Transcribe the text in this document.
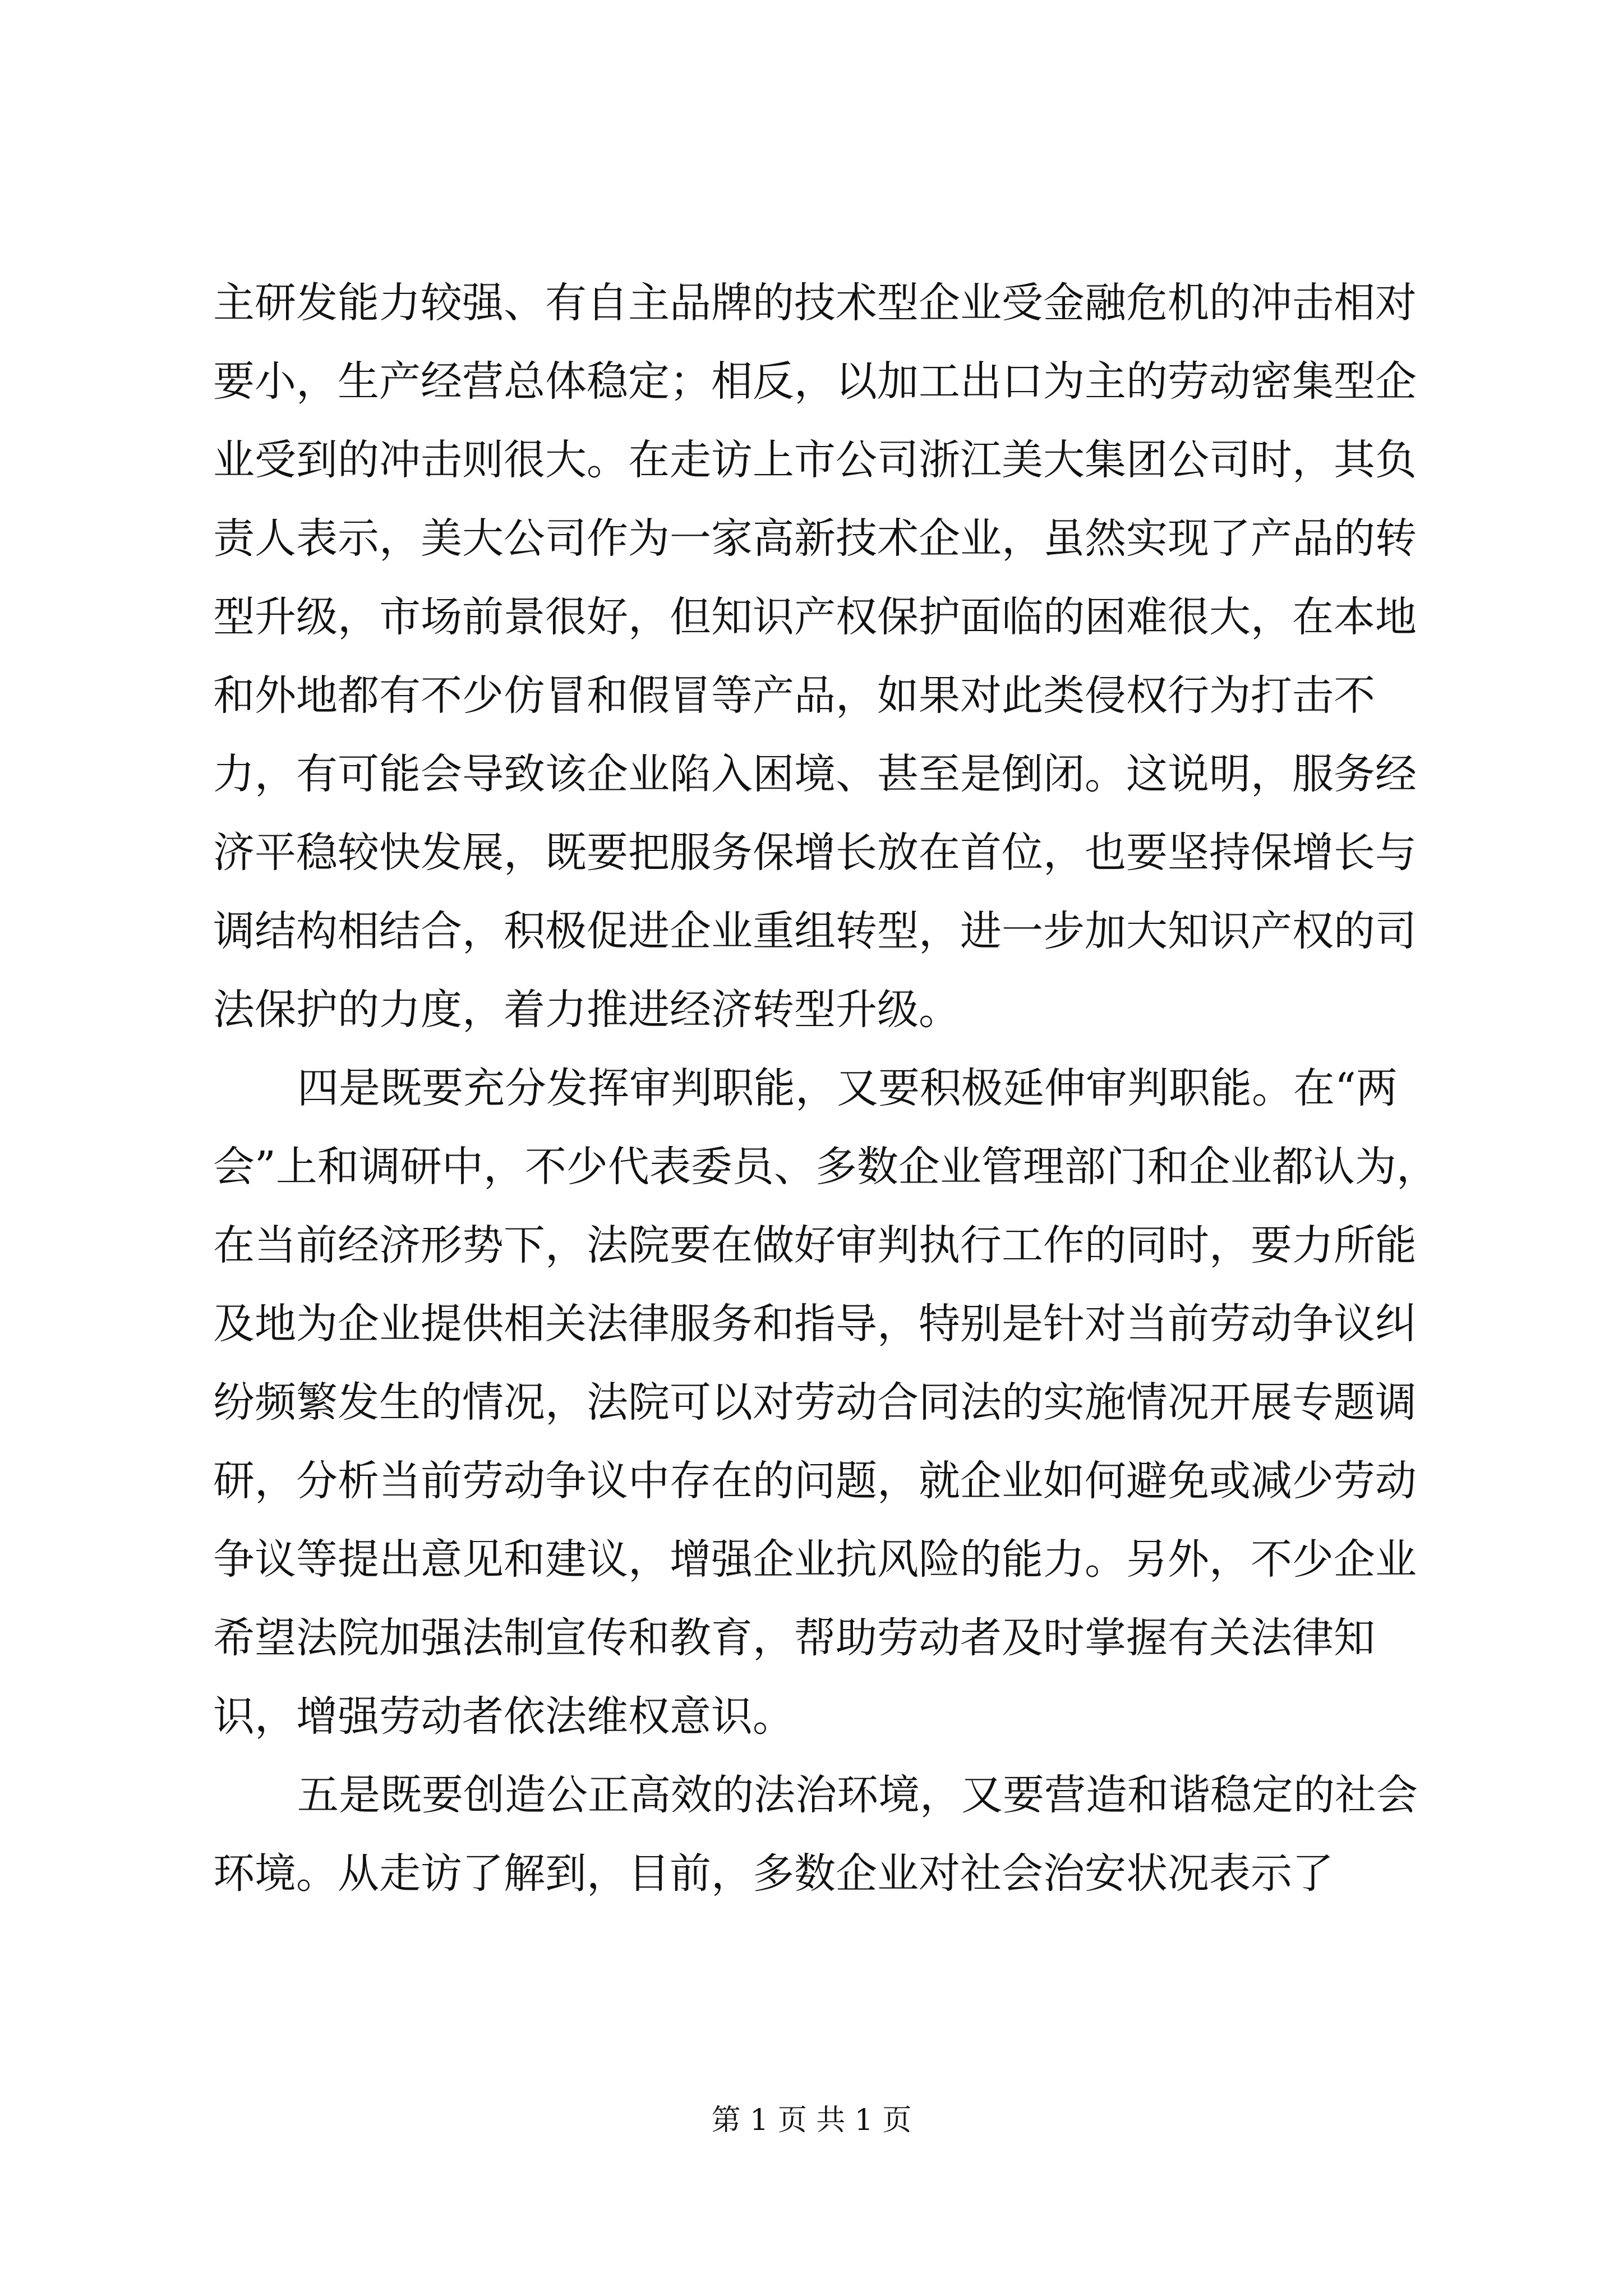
主研发能力较强、有自主品牌的技术型企业受金融危机的冲击相对要小，生产经营总体稳定；相反，以加工出口为主的劳动密集型企业受到的冲击则很大。在走访上市公司浙江美大集团公司时，其负责人表示，美大公司作为一家高新技术企业，虽然实现了产品的转型升级，市场前景很好，但知识产权保护面临的困难很大，在本地和外地都有不少仿冒和假冒等产品，如果对此类侵权行为打击不力，有可能会导致该企业陷入困境、甚至是倒闭。这说明，服务经济平稳较快发展，既要把服务保增长放在首位，也要坚持保增长与调结构相结合，积极促进企业重组转型，进一步加大知识产权的司法保护的力度，着力推进经济转型升级。

四是既要充分发挥审判职能，又要积极延伸审判职能。在“两会”上和调研中，不少代表委员、多数企业管理部门和企业都认为，在当前经济形势下，法院要在做好审判执行工作的同时，要力所能及地为企业提供相关法律服务和指导，特别是针对当前劳动争议纠纷频繁发生的情况，法院可以对劳动合同法的实施情况开展专题调研，分析当前劳动争议中存在的问题，就企业如何避免或减少劳动争议等提出意见和建议，增强企业抗风险的能力。另外，不少企业希望法院加强法制宣传和教育，帮助劳动者及时掌握有关法律知识，增强劳动者依法维权意识。

五是既要创造公正高效的法治环境，又要营造和谐稳定的社会环境。从走访了解到，目前，多数企业对社会治安状况表示了

第 1 页 共 1 页
